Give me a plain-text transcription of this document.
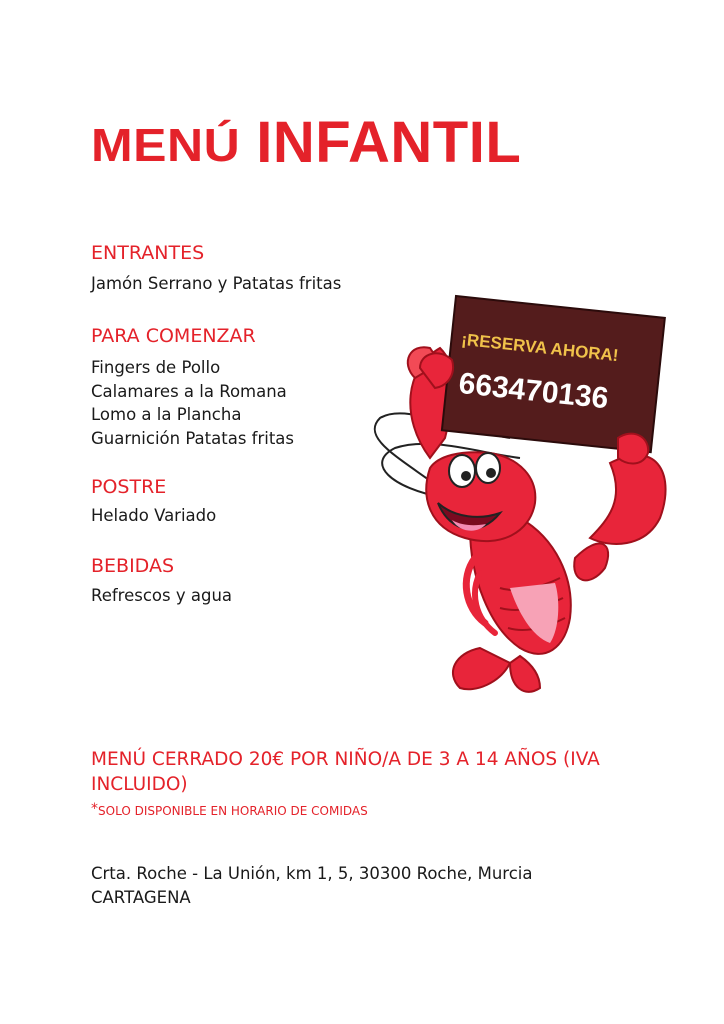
MENÚ INFANTIL
ENTRANTES
Jamón Serrano y Patatas fritas
PARA COMENZAR
Fingers de Pollo
Calamares a la Romana
Lomo a la Plancha
Guarnición Patatas fritas
POSTRE
Helado Variado
BEBIDAS
Refrescos y agua
¡RESERVA AHORA!
663470136

MENÚ CERRADO 20€ POR NIÑO/A DE 3 A 14 AÑOS (IVA INCLUIDO)

*SOLO DISPONIBLE EN HORARIO DE COMIDAS

Crta. Roche - La Unión, km 1, 5, 30300 Roche, Murcia
CARTAGENA
